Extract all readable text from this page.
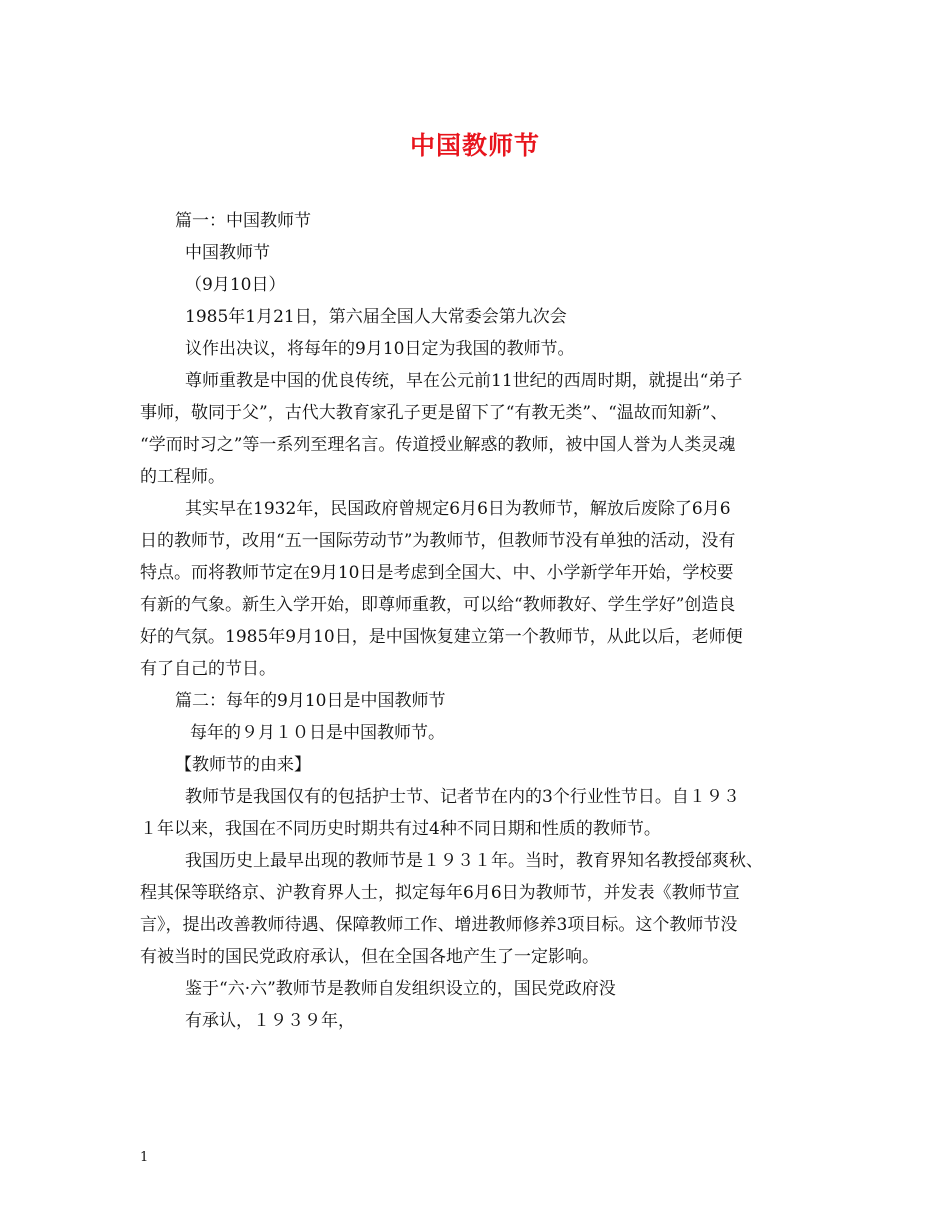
中国教师节

篇一：中国教师节

中国教师节

（9月10日）

1985年1月21日，第六届全国人大常委会第九次会

议作出决议，将每年的9月10日定为我国的教师节。

尊师重教是中国的优良传统，早在公元前11世纪的西周时期，就提出“弟子

事师，敬同于父”，古代大教育家孔子更是留下了“有教无类”、“温故而知新”、

“学而时习之”等一系列至理名言。传道授业解惑的教师，被中国人誉为人类灵魂

的工程师。

其实早在1932年，民国政府曾规定6月6日为教师节，解放后废除了6月6

日的教师节，改用“五一国际劳动节”为教师节，但教师节没有单独的活动，没有

特点。而将教师节定在9月10日是考虑到全国大、中、小学新学年开始，学校要

有新的气象。新生入学开始，即尊师重教，可以给“教师教好、学生学好”创造良

好的气氛。1985年9月10日，是中国恢复建立第一个教师节，从此以后，老师便

有了自己的节日。

篇二：每年的9月10日是中国教师节

每年的９月１０日是中国教师节。

【教师节的由来】

教师节是我国仅有的包括护士节、记者节在内的3个行业性节日。自１９３

１年以来，我国在不同历史时期共有过4种不同日期和性质的教师节。

我国历史上最早出现的教师节是１９３１年。当时，教育界知名教授邰爽秋、

程其保等联络京、沪教育界人士，拟定每年6月6日为教师节，并发表《教师节宣

言》，提出改善教师待遇、保障教师工作、增进教师修养3项目标。这个教师节没

有被当时的国民党政府承认，但在全国各地产生了一定影响。

鉴于“六·六”教师节是教师自发组织设立的，国民党政府没

有承认，１９３９年，

1
